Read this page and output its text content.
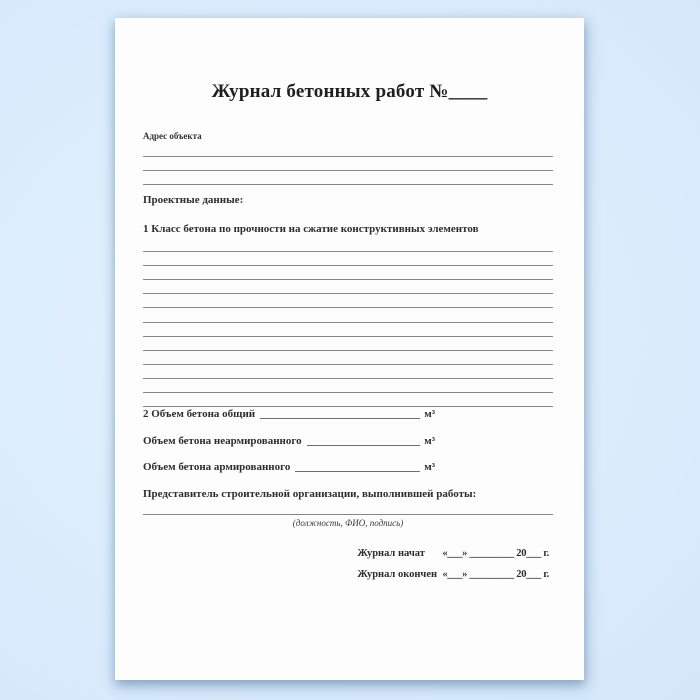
Журнал бетонных работ №____
Адрес объекта
Проектные данные:
1 Класс бетона по прочности на сжатие конструктивных элементов
2 Объем бетона общий	м³
Объем бетона неармированного	м³
Объем бетона армированного	м³
Представитель строительной организации, выполнившей работы:
(должность, ФИО, подпись)
Журнал начат	«___» _________ 20___ г.
Журнал окончен «___» _________ 20___ г.
